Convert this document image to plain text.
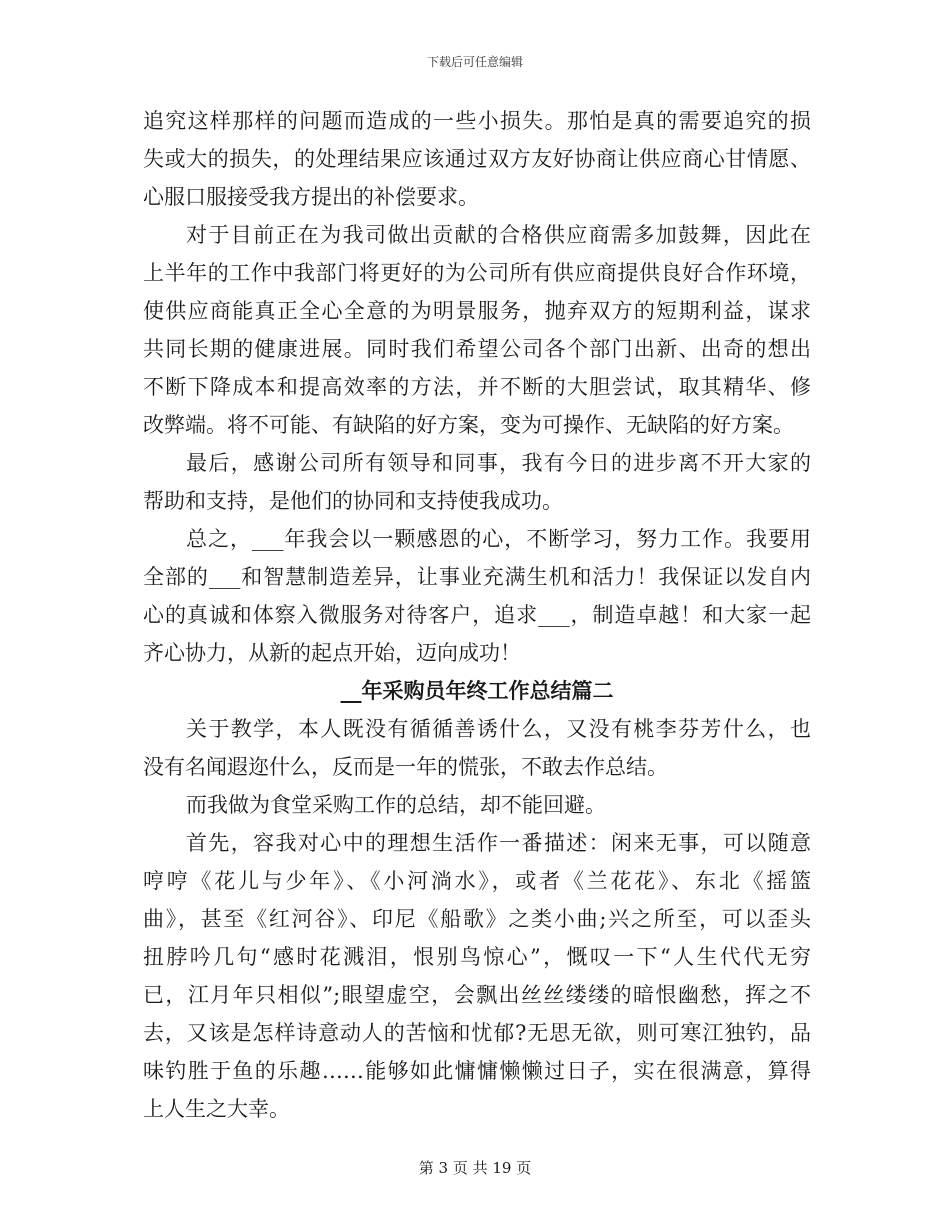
下载后可任意编辑
追究这样那样的问题而造成的一些小损失。那怕是真的需要追究的损
失或大的损失，的处理结果应该通过双方友好协商让供应商心甘情愿、
心服口服接受我方提出的补偿要求。
对于目前正在为我司做出贡献的合格供应商需多加鼓舞，因此在
上半年的工作中我部门将更好的为公司所有供应商提供良好合作环境，
使供应商能真正全心全意的为明景服务，抛弃双方的短期利益，谋求
共同长期的健康进展。同时我们希望公司各个部门出新、出奇的想出
不断下降成本和提高效率的方法，并不断的大胆尝试，取其精华、修
改弊端。将不可能、有缺陷的好方案，变为可操作、无缺陷的好方案。
最后，感谢公司所有领导和同事，我有今日的进步离不开大家的
帮助和支持，是他们的协同和支持使我成功。
总之，___年我会以一颗感恩的心，不断学习，努力工作。我要用
全部的___和智慧制造差异，让事业充满生机和活力！我保证以发自内
心的真诚和体察入微服务对待客户，追求___，制造卓越！和大家一起
齐心协力，从新的起点开始，迈向成功！
__年采购员年终工作总结篇二
关于教学，本人既没有循循善诱什么，又没有桃李芬芳什么，也
没有名闻遐迩什么，反而是一年的慌张，不敢去作总结。
而我做为食堂采购工作的总结，却不能回避。
首先，容我对心中的理想生活作一番描述：闲来无事，可以随意
哼哼《花儿与少年》、《小河淌水》，或者《兰花花》、东北《摇篮
曲》，甚至《红河谷》、印尼《船歌》之类小曲;兴之所至，可以歪头
扭脖吟几句“感时花溅泪，恨别鸟惊心”，慨叹一下“人生代代无穷
已，江月年只相似”;眼望虚空，会飘出丝丝缕缕的暗恨幽愁，挥之不
去，又该是怎样诗意动人的苦恼和忧郁?无思无欲，则可寒江独钓，品
味钓胜于鱼的乐趣……能够如此慵慵懒懒过日子，实在很满意，算得
上人生之大幸。
第 3 页 共 19 页
